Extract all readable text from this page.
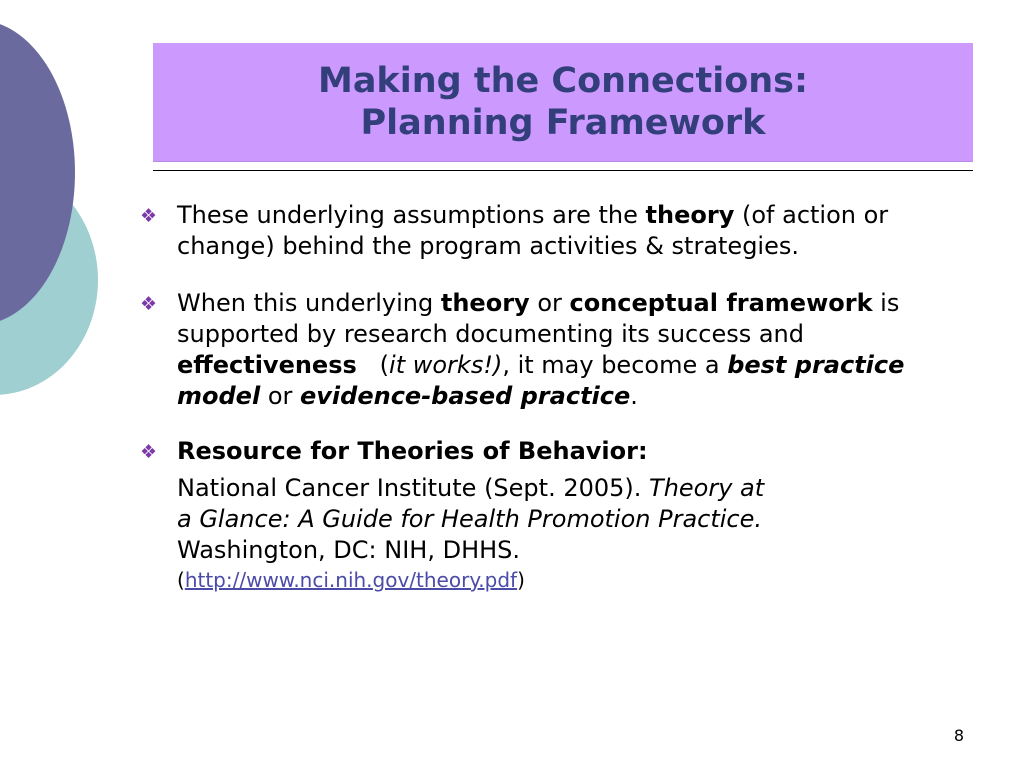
Making the Connections:
Planning Framework
❖ These underlying assumptions are the theory (of action or change) behind the program activities & strategies.
❖ When this underlying theory or conceptual framework is supported by research documenting its success and effectiveness   (it works!), it may become a best practice model or evidence-based practice.
❖ Resource for Theories of Behavior:
National Cancer Institute (Sept. 2005). Theory at
a Glance: A Guide for Health Promotion Practice.
Washington, DC: NIH, DHHS.
(http://www.nci.nih.gov/theory.pdf)
8
